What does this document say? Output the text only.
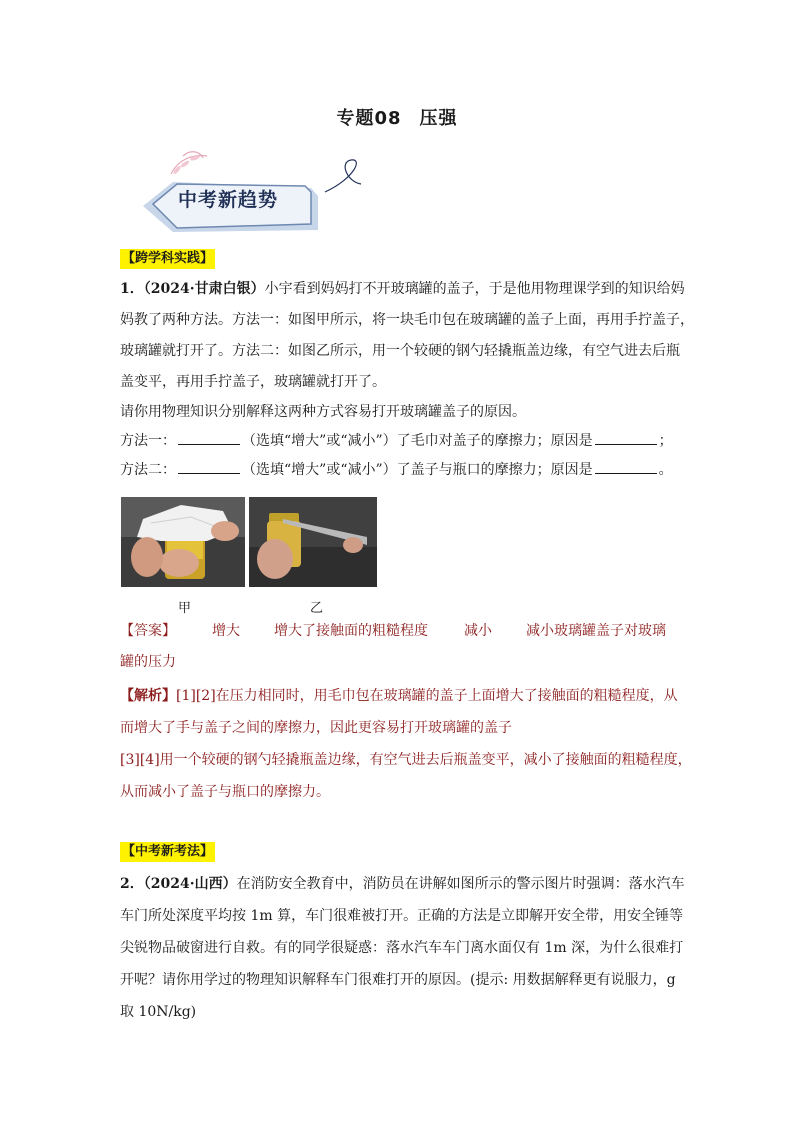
专题08 压强
中考新趋势
【跨学科实践】

1．（2024·甘肃白银）小宇看到妈妈打不开玻璃罐的盖子，于是他用物理课学到的知识给妈

妈教了两种方法。方法一：如图甲所示，将一块毛巾包在玻璃罐的盖子上面，再用手拧盖子，

玻璃罐就打开了。方法二：如图乙所示，用一个较硬的钢勺轻撬瓶盖边缘，有空气进去后瓶

盖变平，再用手拧盖子，玻璃罐就打开了。

请你用物理知识分别解释这两种方式容易打开玻璃罐盖子的原因。

方法一：	（选填“增大”或“减小”）了毛巾对盖子的摩擦力；原因是	；

方法二：	（选填“增大”或“减小”）了盖子与瓶口的摩擦力；原因是	。

甲	乙

【答案】	增大 增大了接触面的粗糙程度	减小 减小玻璃罐盖子对玻璃

罐的压力

【解析】[1][2]在压力相同时，用毛巾包在玻璃罐的盖子上面增大了接触面的粗糙程度，从

而增大了手与盖子之间的摩擦力，因此更容易打开玻璃罐的盖子

[3][4]用一个较硬的钢勺轻撬瓶盖边缘，有空气进去后瓶盖变平，减小了接触面的粗糙程度，

从而减小了盖子与瓶口的摩擦力。

【中考新考法】

2．（2024·山西）在消防安全教育中，消防员在讲解如图所示的警示图片时强调：落水汽车

车门所处深度平均按 1m 算，车门很难被打开。正确的方法是立即解开安全带，用安全锤等

尖锐物品破窗进行自救。有的同学很疑惑：落水汽车车门离水面仅有 1m 深，为什么很难打

开呢？请你用学过的物理知识解释车门很难打开的原因。(提示: 用数据解释更有说服力，g

取 10N/kg)
